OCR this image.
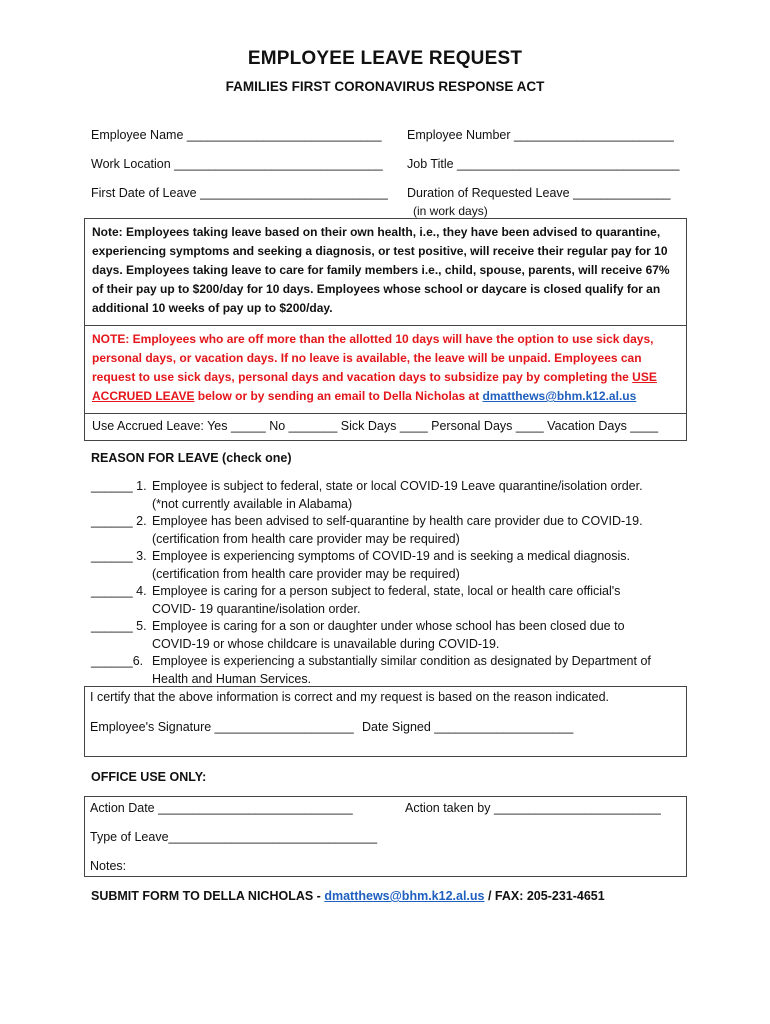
EMPLOYEE LEAVE REQUEST
FAMILIES FIRST CORONAVIRUS RESPONSE ACT
Employee Name ____________________________ Employee Number _______________________
Work Location ______________________________ Job Title ________________________________
First Date of Leave ___________________________ Duration of Requested Leave ______________
(in work days)
Note: Employees taking leave based on their own health, i.e., they have been advised to quarantine, experiencing symptoms and seeking a diagnosis, or test positive, will receive their regular pay for 10 days. Employees taking leave to care for family members i.e., child, spouse, parents, will receive 67% of their pay up to $200/day for 10 days. Employees whose school or daycare is closed qualify for an additional 10 weeks of pay up to $200/day.
NOTE: Employees who are off more than the allotted 10 days will have the option to use sick days, personal days, or vacation days. If no leave is available, the leave will be unpaid. Employees can request to use sick days, personal days and vacation days to subsidize pay by completing the USE ACCRUED LEAVE below or by sending an email to Della Nicholas at dmatthews@bhm.k12.al.us
Use Accrued Leave: Yes _____ No _______ Sick Days ____ Personal Days ____ Vacation Days ____
REASON FOR LEAVE (check one)
______ 1. Employee is subject to federal, state or local COVID-19 Leave quarantine/isolation order.
(*not currently available in Alabama)
______ 2. Employee has been advised to self-quarantine by health care provider due to COVID-19.
(certification from health care provider may be required)
______ 3. Employee is experiencing symptoms of COVID-19 and is seeking a medical diagnosis.
(certification from health care provider may be required)
______ 4. Employee is caring for a person subject to federal, state, local or health care official's
COVID- 19 quarantine/isolation order.
______ 5. Employee is caring for a son or daughter under whose school has been closed due to
COVID-19 or whose childcare is unavailable during COVID-19.
______6. Employee is experiencing a substantially similar condition as designated by Department of
Health and Human Services.
I certify that the above information is correct and my request is based on the reason indicated.
Employee's Signature ____________________ Date Signed ____________________
OFFICE USE ONLY:
Action Date ____________________________	Action taken by ________________________
Type of Leave______________________________
Notes:
SUBMIT FORM TO DELLA NICHOLAS - dmatthews@bhm.k12.al.us / FAX: 205-231-4651
